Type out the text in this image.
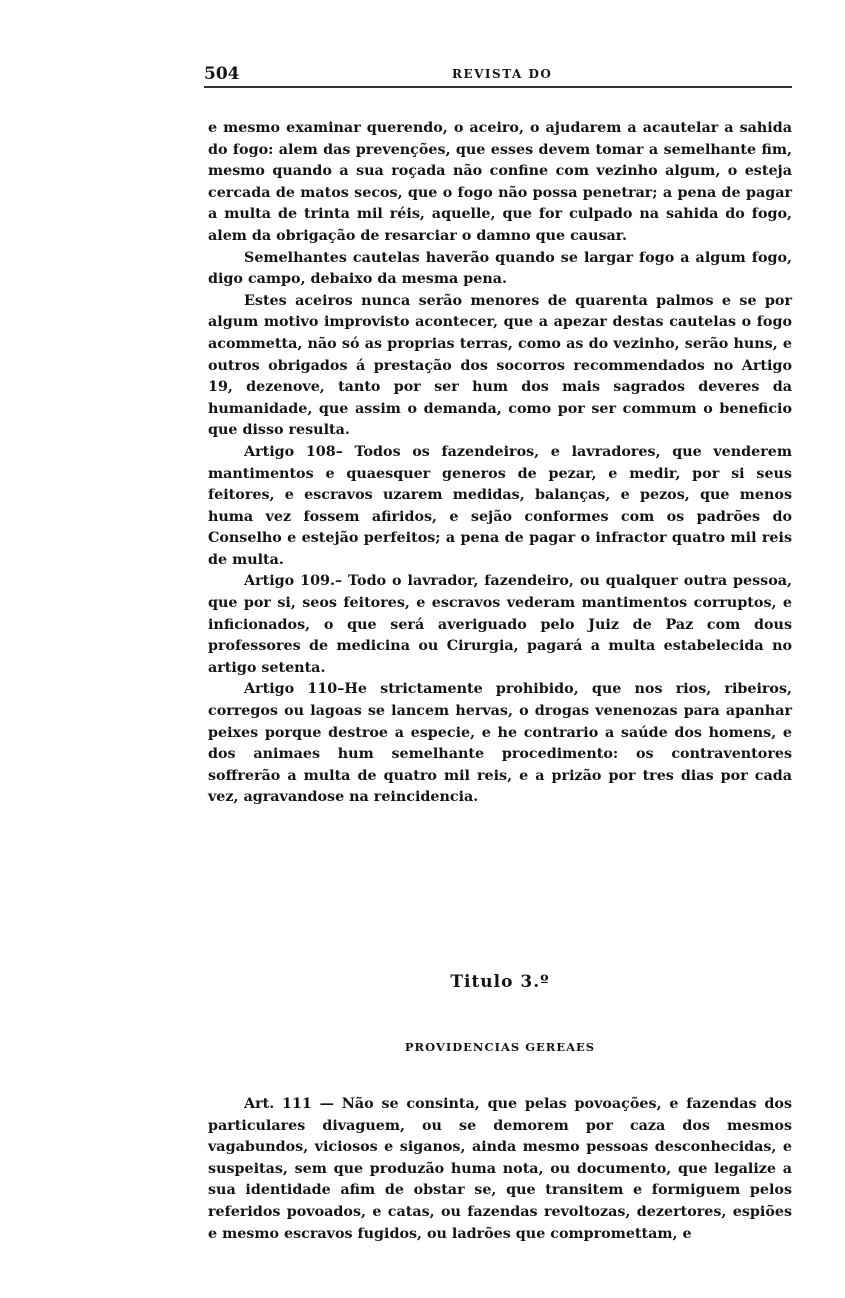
504	REVISTA DO

e mesmo examinar querendo, o aceiro, o ajudarem a acautelar a sahida do fogo: alem das prevenções, que esses devem tomar a semelhante fim, mesmo quando a sua roçada não confine com vezinho algum, o esteja cercada de matos secos, que o fogo não possa penetrar; a pena de pagar a multa de trinta mil réis, aquelle, que for culpado na sahida do fogo, alem da obrigação de resarciar o damno que causar.

Semelhantes cautelas haverão quando se largar fogo a algum fogo, digo campo, debaixo da mesma pena.

Estes aceiros nunca serão menores de quarenta palmos e se por algum motivo improvisto acontecer, que a apezar destas cautelas o fogo acommetta, não só as proprias terras, como as do vezinho, serão huns, e outros obrigados á prestação dos socorros recommendados no Artigo 19, dezenove, tanto por ser hum dos mais sagrados deveres da humanidade, que assim o demanda, como por ser commum o beneficio que disso resulta.

Artigo 108– Todos os fazendeiros, e lavradores, que venderem mantimentos e quaesquer generos de pezar, e medir, por si seus feitores, e escravos uzarem medidas, balanças, e pezos, que menos huma vez fossem afiridos, e sejão conformes com os padrões do Conselho e estejão perfeitos; a pena de pagar o infractor quatro mil reis de multa.

Artigo 109.– Todo o lavrador, fazendeiro, ou qualquer outra pessoa, que por si, seos feitores, e escravos vederam mantimentos corruptos, e inficionados, o que será averiguado pelo Juiz de Paz com dous professores de medicina ou Cirurgia, pagará a multa estabelecida no artigo setenta.

Artigo 110–He strictamente prohibido, que nos rios, ribeiros, corregos ou lagoas se lancem hervas, o drogas venenozas para apanhar peixes porque destroe a especie, e he contrario a saúde dos homens, e dos animaes hum semelhante procedimento: os contraventores soffrerão a multa de quatro mil reis, e a prizão por tres dias por cada vez, agravandose na reincidencia.

Titulo 3.º
PROVIDENCIAS GEREAES

Art. 111 — Não se consinta, que pelas povoações, e fazendas dos particulares divaguem, ou se demorem por caza dos mesmos vagabundos, viciosos e siganos, ainda mesmo pessoas desconhecidas, e suspeitas, sem que produzão huma nota, ou documento, que legalize a sua identidade afim de obstar se, que transitem e formiguem pelos referidos povoados, e catas, ou fazendas revoltozas, dezertores, espiões e mesmo escravos fugidos, ou ladrões que compromettam, e
